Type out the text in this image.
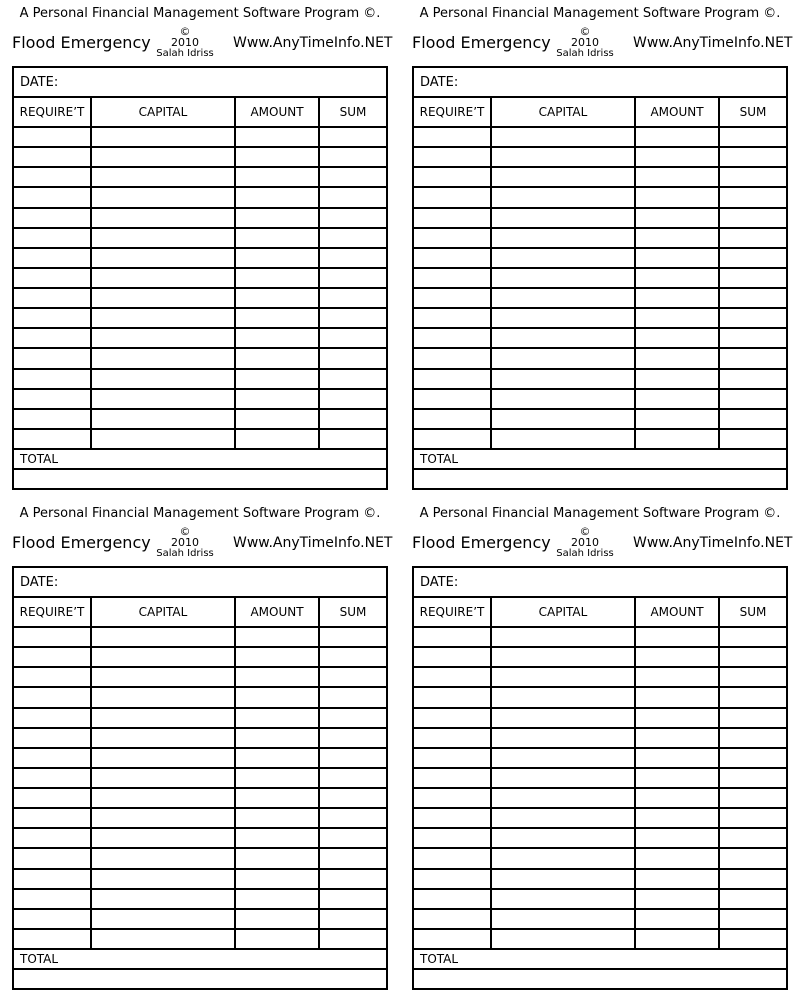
A Personal Financial Management Software Program ©.
Flood Emergency
©
2010
Salah Idriss
Www.AnyTimeInfo.NET
DATE:
REQUIRE’T	CAPITAL	AMOUNT	SUM
TOTAL
A Personal Financial Management Software Program ©.
Flood Emergency
©
2010
Salah Idriss
Www.AnyTimeInfo.NET
DATE:
REQUIRE’T	CAPITAL	AMOUNT	SUM
TOTAL
A Personal Financial Management Software Program ©.
Flood Emergency
©
2010
Salah Idriss
Www.AnyTimeInfo.NET
DATE:
REQUIRE’T	CAPITAL	AMOUNT	SUM
TOTAL
A Personal Financial Management Software Program ©.
Flood Emergency
©
2010
Salah Idriss
Www.AnyTimeInfo.NET
DATE:
REQUIRE’T	CAPITAL	AMOUNT	SUM
TOTAL
